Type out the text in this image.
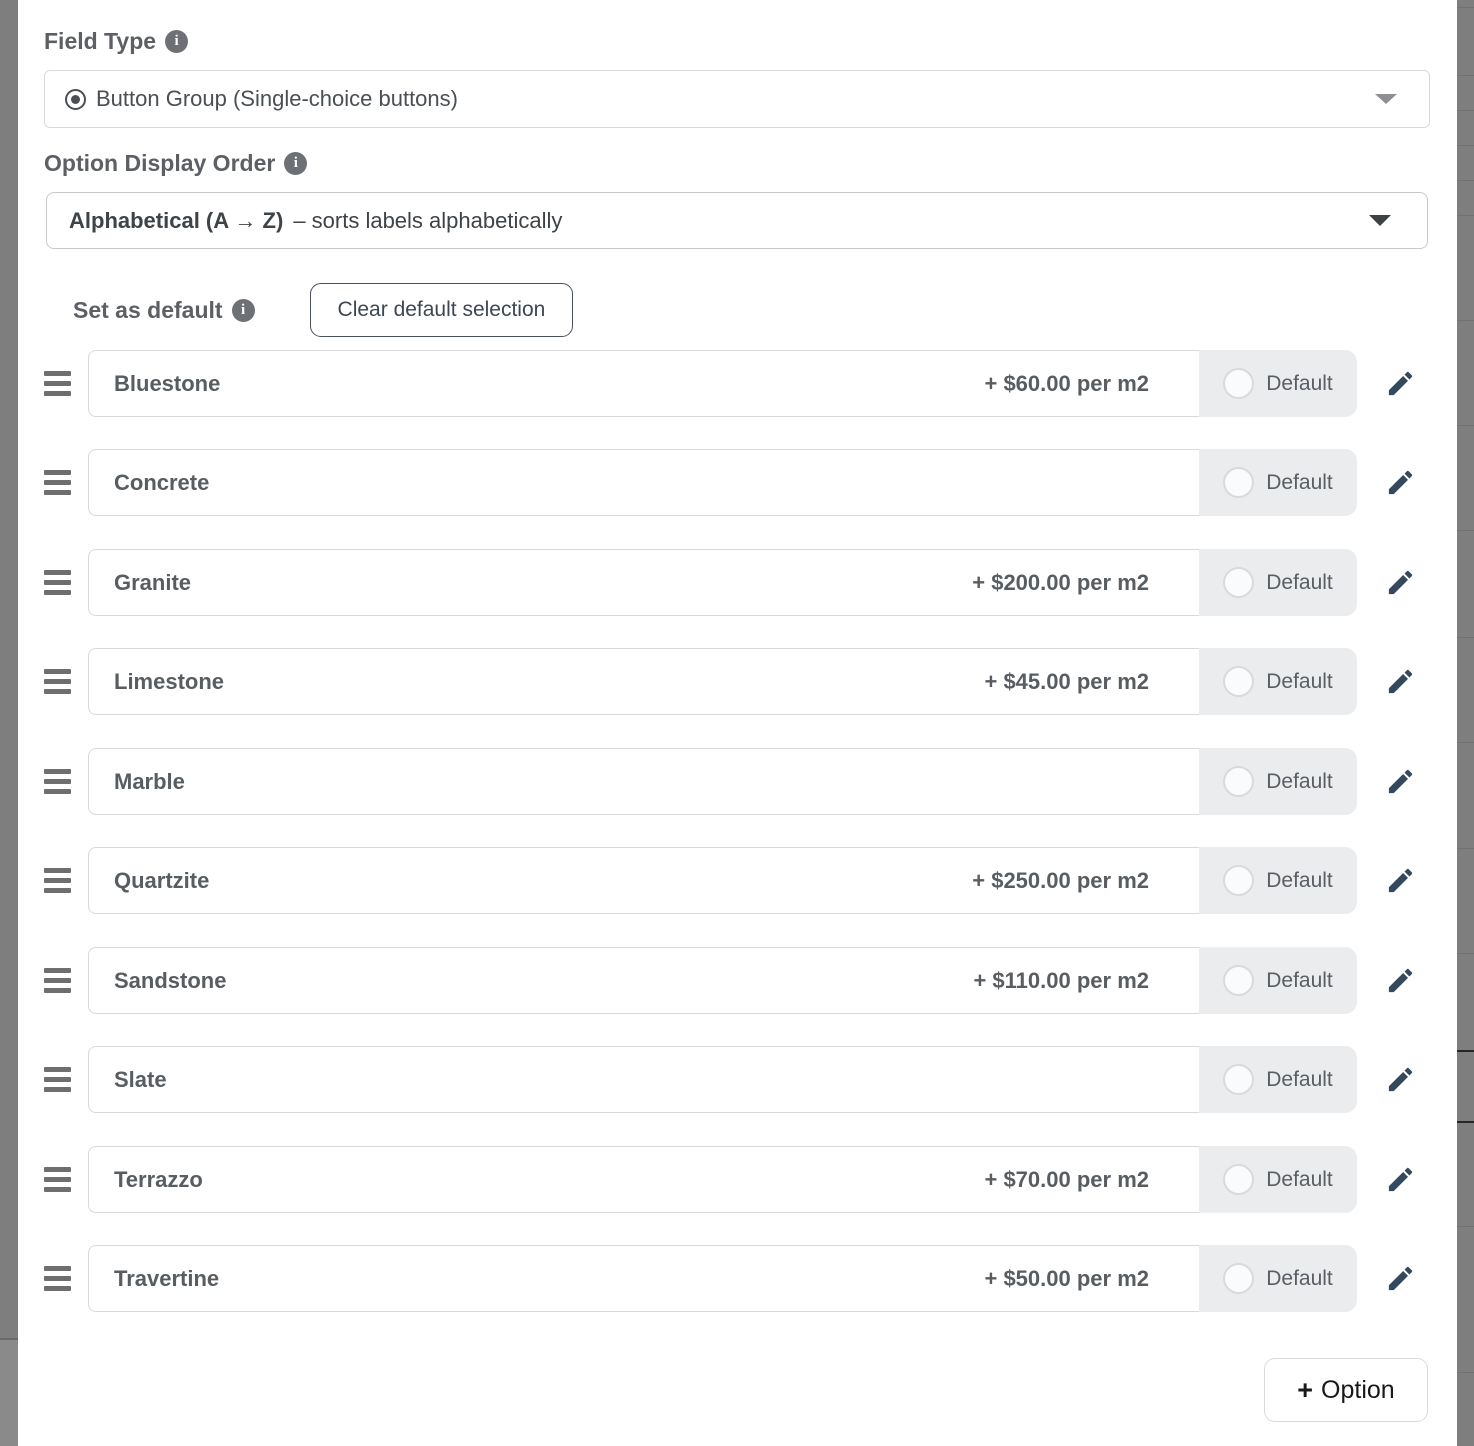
Field Type	i
Button Group (Single-choice buttons)
Option Display Order	i
Alphabetical (A → Z) – sorts labels alphabetically
Set as default	i	Clear default selection
Bluestone	+ $60.00 per m2	Default
Concrete	Default
Granite	+ $200.00 per m2	Default
Limestone	+ $45.00 per m2	Default
Marble	Default
Quartzite	+ $250.00 per m2	Default
Sandstone	+ $110.00 per m2	Default
Slate	Default
Terrazzo	+ $70.00 per m2	Default
Travertine	+ $50.00 per m2	Default
+ Option
